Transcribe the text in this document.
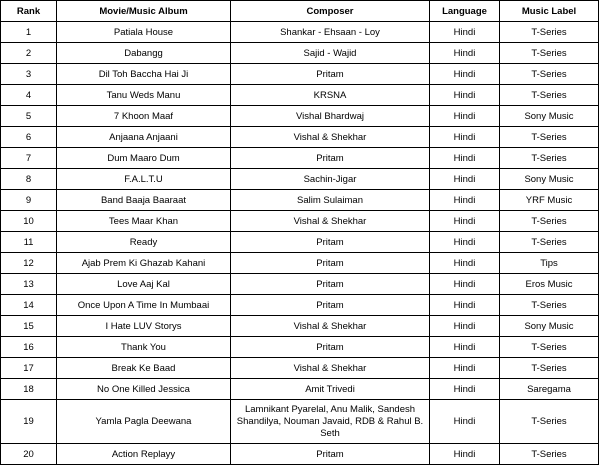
Rank	Movie/Music Album	Composer	Language	Music Label
1	Patiala House	Shankar - Ehsaan - Loy	Hindi	T-Series
2	Dabangg	Sajid - Wajid	Hindi	T-Series
3	Dil Toh Baccha Hai Ji	Pritam	Hindi	T-Series
4	Tanu Weds Manu	KRSNA	Hindi	T-Series
5	7 Khoon Maaf	Vishal Bhardwaj	Hindi	Sony Music
6	Anjaana Anjaani	Vishal & Shekhar	Hindi	T-Series
7	Dum Maaro Dum	Pritam	Hindi	T-Series
8	F.A.L.T.U	Sachin-Jigar	Hindi	Sony Music
9	Band Baaja Baaraat	Salim Sulaiman	Hindi	YRF Music
10	Tees Maar Khan	Vishal & Shekhar	Hindi	T-Series
11	Ready	Pritam	Hindi	T-Series
12	Ajab Prem Ki Ghazab Kahani	Pritam	Hindi	Tips
13	Love Aaj Kal	Pritam	Hindi	Eros Music
14	Once Upon A Time In Mumbaai	Pritam	Hindi	T-Series
15	I Hate LUV Storys	Vishal & Shekhar	Hindi	Sony Music
16	Thank You	Pritam	Hindi	T-Series
17	Break Ke Baad	Vishal & Shekhar	Hindi	T-Series
18	No One Killed Jessica	Amit Trivedi	Hindi	Saregama
19	Yamla Pagla Deewana	Lamnikant Pyarelal, Anu Malik, Sandesh Shandilya, Nouman Javaid, RDB & Rahul B. Seth	Hindi	T-Series
20	Action Replayy	Pritam	Hindi	T-Series
